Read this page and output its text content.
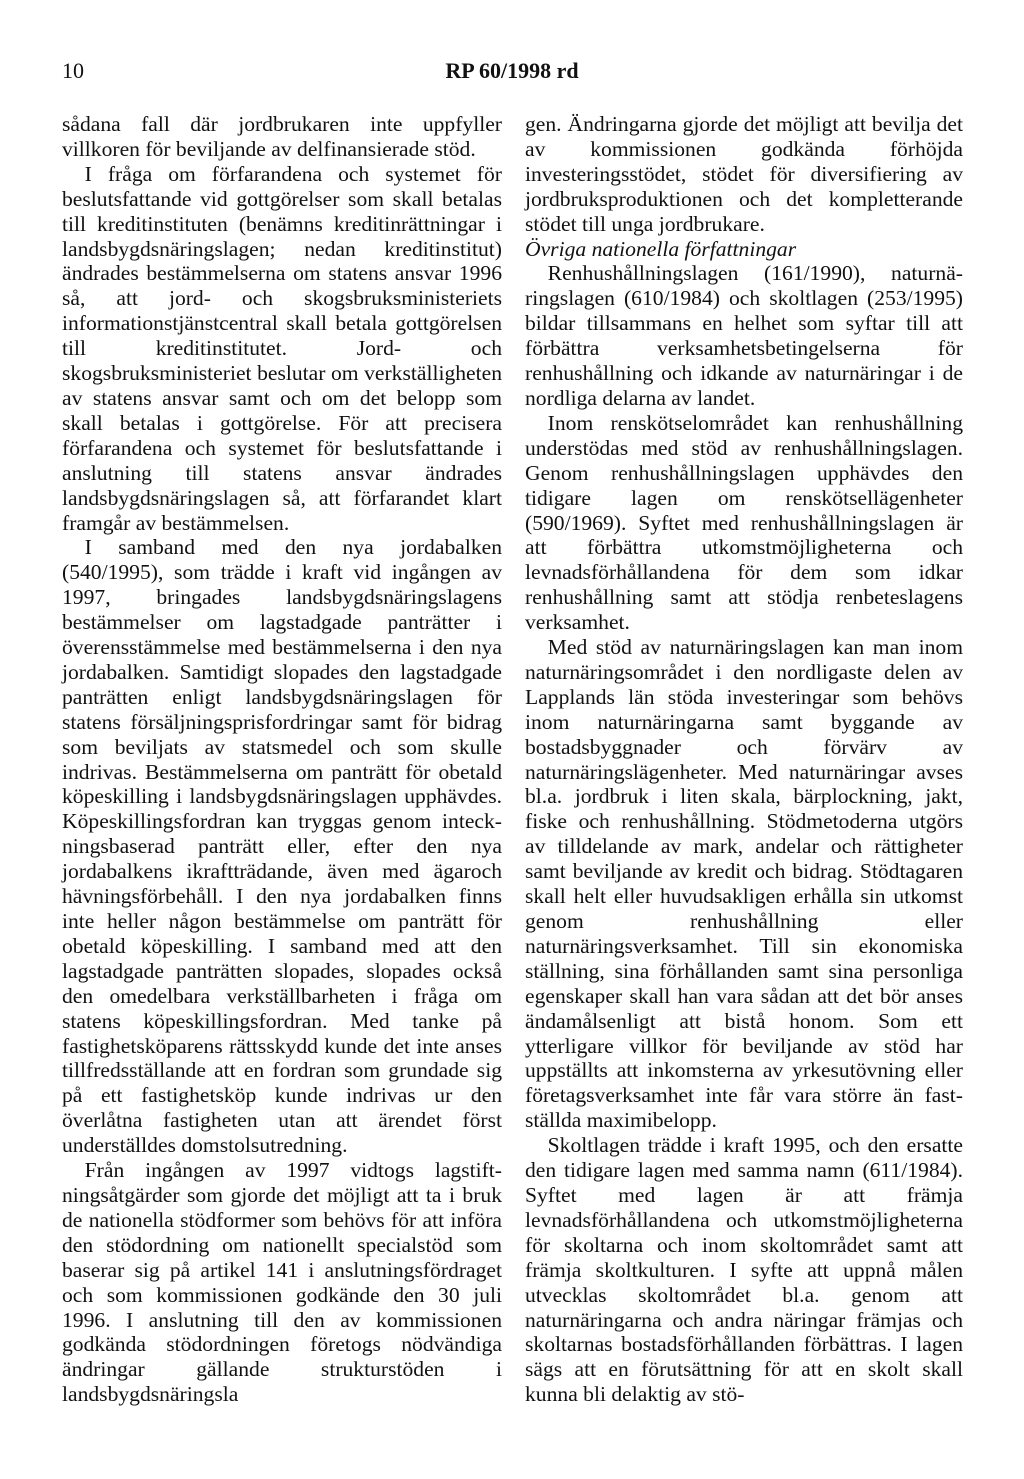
10	RP 60/1998 rd

sådana fall där jordbrukaren inte uppfyller villkoren för beviljande av delfinansierade stöd.

I fråga om förfarandena och systemet för beslutsfattande vid gottgörelser som skall betalas till kreditinstituten (benämns kreditinrättningar i landsbygdsnäringslagen; nedan kreditinstitut) ändrades bestämmelserna om statens ansvar 1996 så, att jord- och skogsbruksministeriets informationstjänstcentral skall betala gottgörelsen till kreditinstitutet. Jord- och skogsbruksministeriet beslutar om verkställigheten av statens ansvar samt och om det belopp som skall betalas i gottgörelse. För att precisera förfarandena och systemet för beslutsfattande i anslutning till statens ansvar ändrades landsbygdsnäringslagen så, att förfarandet klart framgår av bestämmelsen.

I samband med den nya jordabalken (540/1995), som trädde i kraft vid ingången av 1997, bringades landsbygdsnäringslagens bestämmelser om lagstadgade panträtter i överensstämmelse med bestämmelserna i den nya jordabalken. Samtidigt slopades den lagstadgade panträtten enligt landsbygdsnäringslagen för statens försäljningsprisfordringar samt för bidrag som beviljats av statsmedel och som skulle indrivas. Bestämmelserna om panträtt för obetald köpeskilling i landsbygdsnäringslagen upphävdes. Köpeskillingsfordran kan tryggas genom inteckningsbaserad panträtt eller, efter den nya jordabalkens ikraftträdande, även med ägaroch hävningsförbehåll. I den nya jordabalken finns inte heller någon bestämmelse om panträtt för obetald köpeskilling. I samband med att den lagstadgade panträtten slopades, slopades också den omedelbara verkställbarheten i fråga om statens köpeskillingsfordran. Med tanke på fastighetsköparens rättsskydd kunde det inte anses tillfredsställande att en fordran som grundade sig på ett fastighetsköp kunde indrivas ur den överlåtna fastigheten utan att ärendet först underställdes domstolsutredning.

Från ingången av 1997 vidtogs lagstiftningsåtgärder som gjorde det möjligt att ta i bruk de nationella stödformer som behövs för att införa den stödordning om nationellt specialstöd som baserar sig på artikel 141 i anslutningsfördraget och som kommissionen godkände den 30 juli 1996. I anslutning till den av kommissionen godkända stödordningen företogs nödvändiga ändringar gällande strukturstöden i landsbygdsnäringsla

gen. Ändringarna gjorde det möjligt att bevilja det av kommissionen godkända förhöjda investeringsstödet, stödet för diversifiering av jordbruksproduktionen och det kompletterande stödet till unga jordbrukare.

Övriga nationella författningar

Renhushållningslagen (161/1990), naturnäringslagen (610/1984) och skoltlagen (253/1995) bildar tillsammans en helhet som syftar till att förbättra verksamhetsbetingelserna för renhushållning och idkande av naturnäringar i de nordliga delarna av landet.

Inom renskötselområdet kan renhushållning understödas med stöd av renhushållningslagen. Genom renhushållningslagen upphävdes den tidigare lagen om renskötsellägenheter (590/1969). Syftet med renhushållningslagen är att förbättra utkomstmöjligheterna och levnadsförhållandena för dem som idkar renhushållning samt att stödja renbeteslagens verksamhet.

Med stöd av naturnäringslagen kan man inom naturnäringsområdet i den nordligaste delen av Lapplands län stöda investeringar som behövs inom naturnäringarna samt byggande av bostadsbyggnader och förvärv av naturnäringslägenheter. Med naturnäringar avses bl.a. jordbruk i liten skala, bärplockning, jakt, fiske och renhushållning. Stödmetoderna utgörs av tilldelande av mark, andelar och rättigheter samt beviljande av kredit och bidrag. Stödtagaren skall helt eller huvudsakligen erhålla sin utkomst genom renhushållning eller naturnäringsverksamhet. Till sin ekonomiska ställning, sina förhållanden samt sina personliga egenskaper skall han vara sådan att det bör anses ändamålsenligt att bistå honom. Som ett ytterligare villkor för beviljande av stöd har uppställts att inkomsterna av yrkesutövning eller företagsverksamhet inte får vara större än fastställda maximibelopp.

Skoltlagen trädde i kraft 1995, och den ersatte den tidigare lagen med samma namn (611/1984). Syftet med lagen är att främja levnadsförhållandena och utkomstmöjligheterna för skoltarna och inom skoltområdet samt att främja skoltkulturen. I syfte att uppnå målen utvecklas skoltområdet bl.a. genom att naturnäringarna och andra näringar främjas och skoltarnas bostadsförhållanden förbättras. I lagen sägs att en förutsättning för att en skolt skall kunna bli delaktig av stö-
